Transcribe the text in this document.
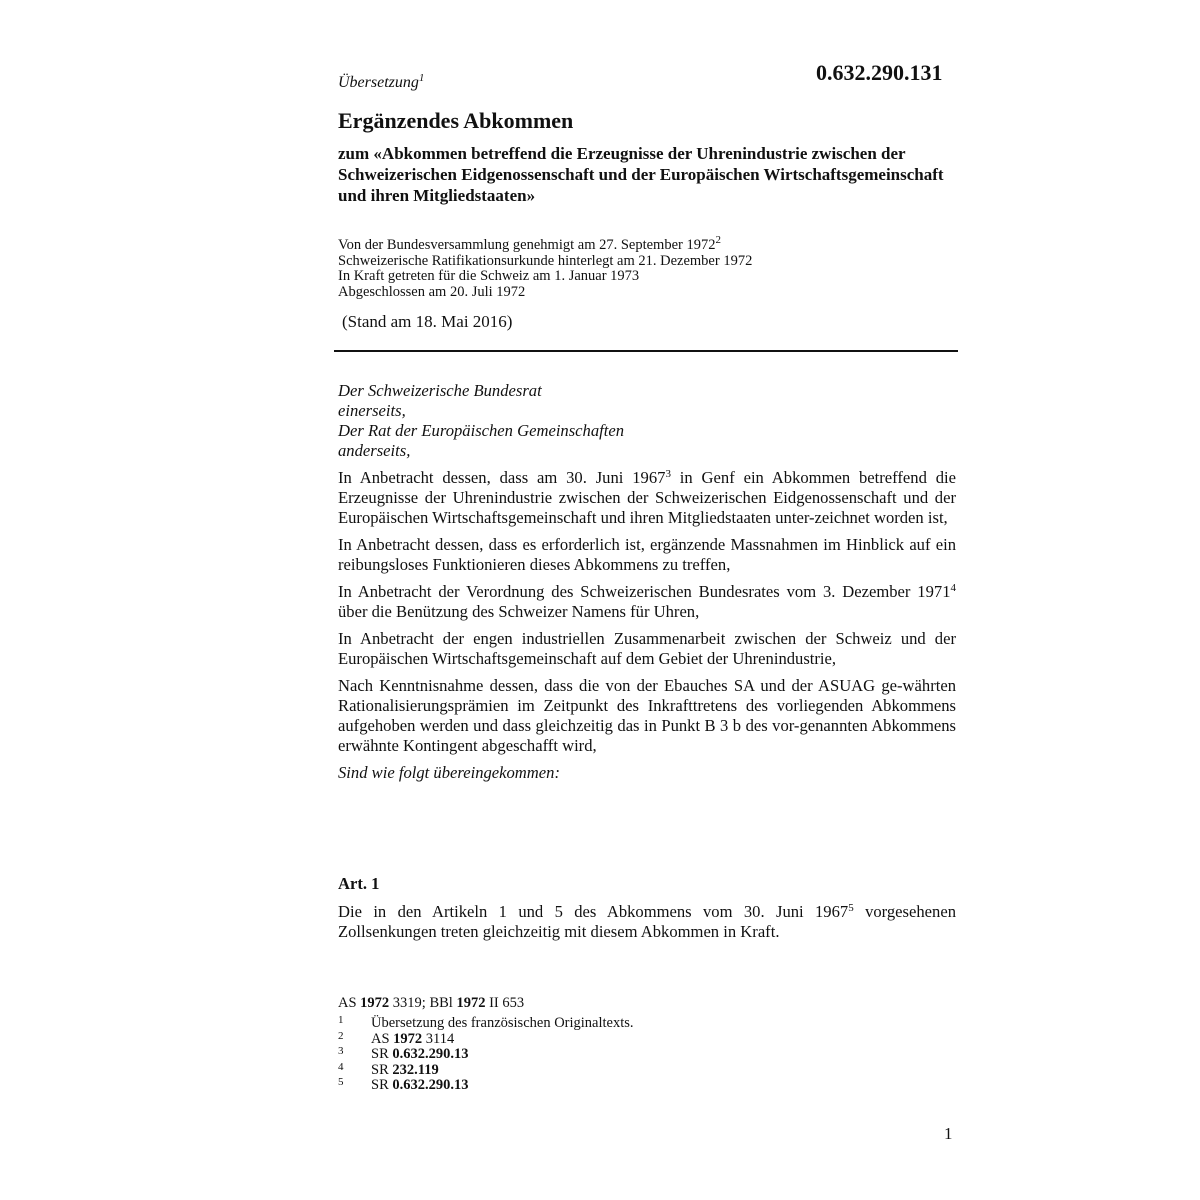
Übersetzung$^1$	0.632.290.131
Ergänzendes Abkommen
zum «Abkommen betreffend die Erzeugnisse der Uhrenindustrie zwischen der Schweizerischen Eidgenossenschaft und der Europäischen Wirtschaftsgemeinschaft und ihren Mitgliedstaaten»
Von der Bundesversammlung genehmigt am 27. September 1972$^2$
Schweizerische Ratifikationsurkunde hinterlegt am 21. Dezember 1972
In Kraft getreten für die Schweiz am 1. Januar 1973
Abgeschlossen am 20. Juli 1972
(Stand am 18. Mai 2016)
Der Schweizerische Bundesrat
einerseits,
Der Rat der Europäischen Gemeinschaften
anderseits,
In Anbetracht dessen, dass am 30. Juni 1967$^3$ in Genf ein Abkommen betreffend die Erzeugnisse der Uhrenindustrie zwischen der Schweizerischen Eidgenossenschaft und der Europäischen Wirtschaftsgemeinschaft und ihren Mitgliedstaaten unter-zeichnet worden ist,
In Anbetracht dessen, dass es erforderlich ist, ergänzende Massnahmen im Hinblick auf ein reibungsloses Funktionieren dieses Abkommens zu treffen,
In Anbetracht der Verordnung des Schweizerischen Bundesrates vom 3. Dezember 1971$^4$ über die Benützung des Schweizer Namens für Uhren,
In Anbetracht der engen industriellen Zusammenarbeit zwischen der Schweiz und der Europäischen Wirtschaftsgemeinschaft auf dem Gebiet der Uhrenindustrie,
Nach Kenntnisnahme dessen, dass die von der Ebauches SA und der ASUAG ge-währten Rationalisierungsprämien im Zeitpunkt des Inkrafttretens des vorliegenden Abkommens aufgehoben werden und dass gleichzeitig das in Punkt B 3 b des vor-genannten Abkommens erwähnte Kontingent abgeschafft wird,
Sind wie folgt übereingekommen:
Art. 1
Die in den Artikeln 1 und 5 des Abkommens vom 30. Juni 1967$^5$ vorgesehenen Zollsenkungen treten gleichzeitig mit diesem Abkommen in Kraft.
AS 1972 3319; BBl 1972 II 653
1	Übersetzung des französischen Originaltexts.
2	AS 1972 3114
3	SR 0.632.290.13
4	SR 232.119
5	SR 0.632.290.13
1
